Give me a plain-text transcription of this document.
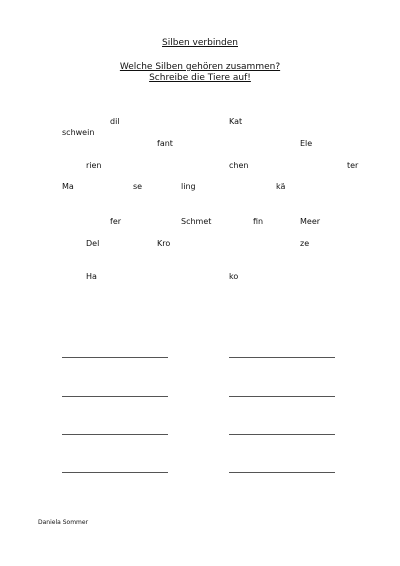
Silben verbinden
Welche Silben gehören zusammen?
Schreibe die Tiere auf!
dil	Kat
schwein
fant	Ele
rien	chen	ter
Ma	se	ling	kä
fer	Schmet	fin	Meer
Del	Kro	ze
Ha	ko
Daniela Sommer
